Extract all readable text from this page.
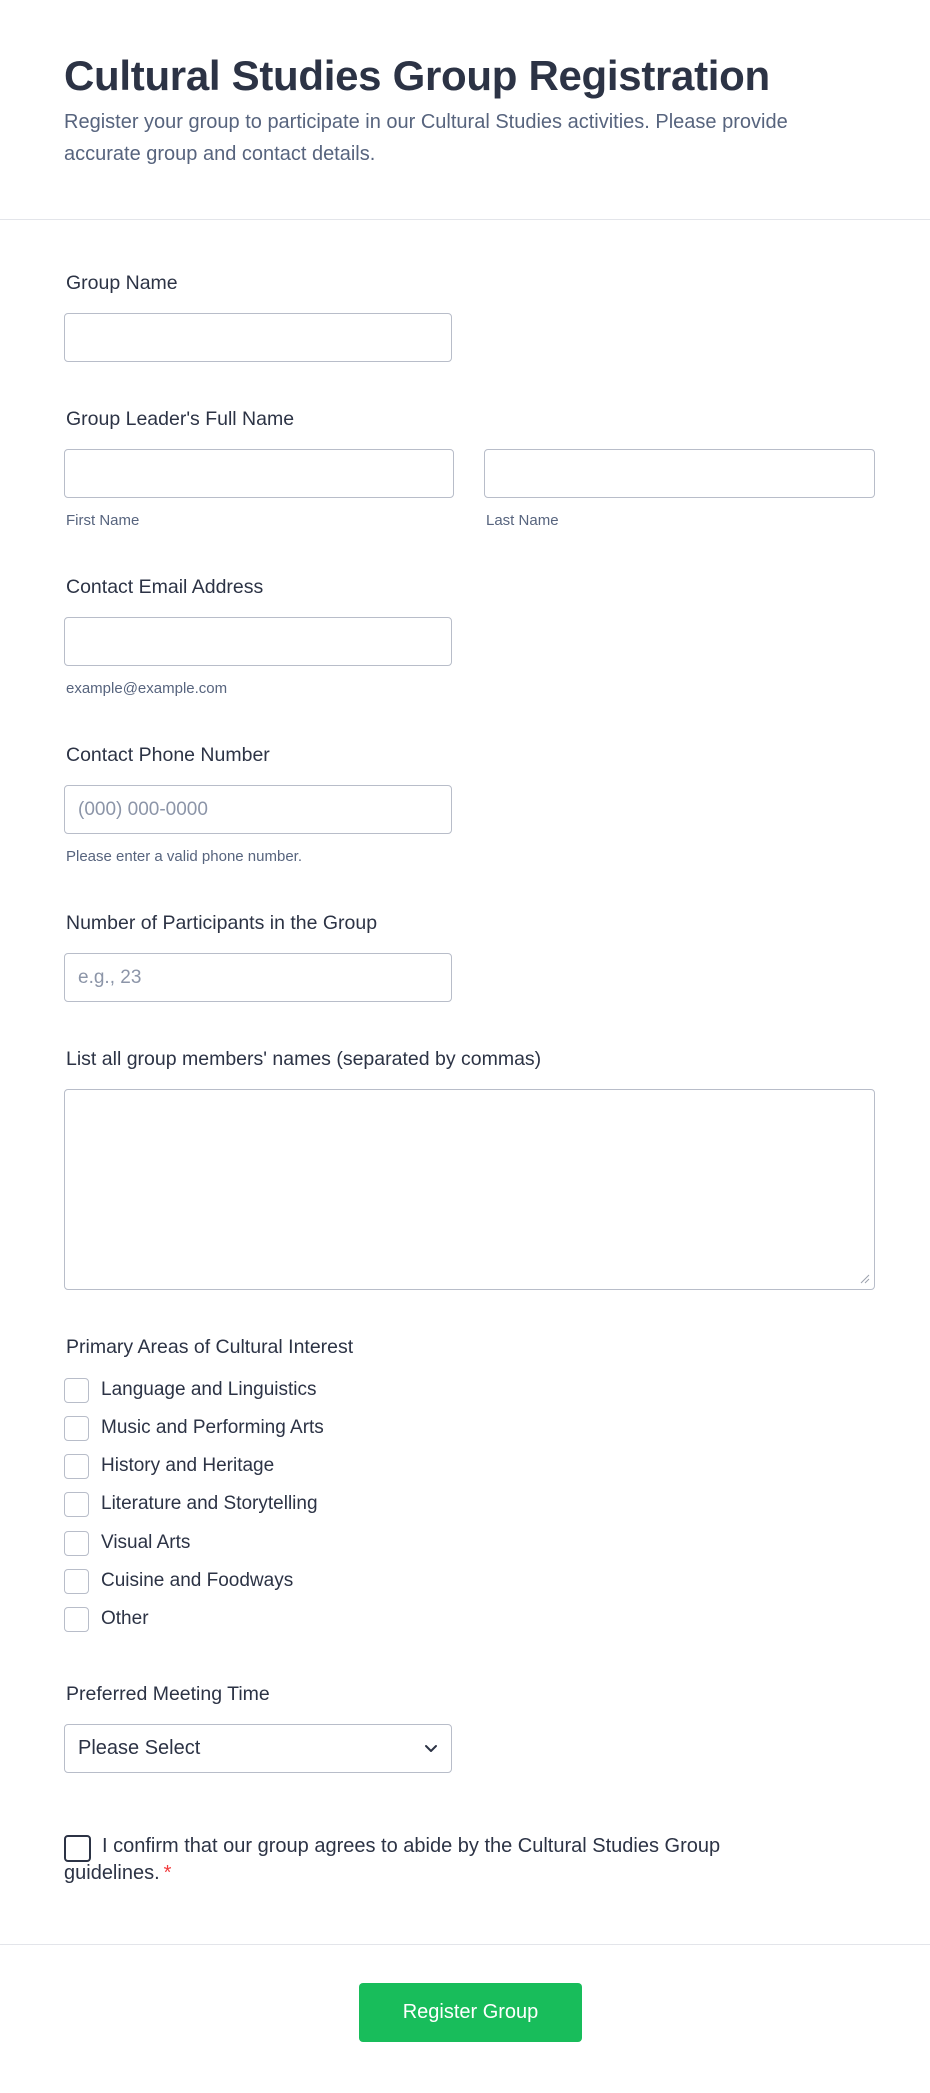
Cultural Studies Group Registration

Register your group to participate in our Cultural Studies activities. Please provide accurate group and contact details.

Group Name
Group Leader's Full Name
First Name	Last Name
Contact Email Address
example@example.com
Contact Phone Number
(000) 000-0000
Please enter a valid phone number.
Number of Participants in the Group
e.g., 23
List all group members' names (separated by commas)
Primary Areas of Cultural Interest
Language and Linguistics
Music and Performing Arts
History and Heritage
Literature and Storytelling
Visual Arts
Cuisine and Foodways
Other
Preferred Meeting Time
Please Select

I confirm that our group agrees to abide by the Cultural Studies Group guidelines. *

Register Group
